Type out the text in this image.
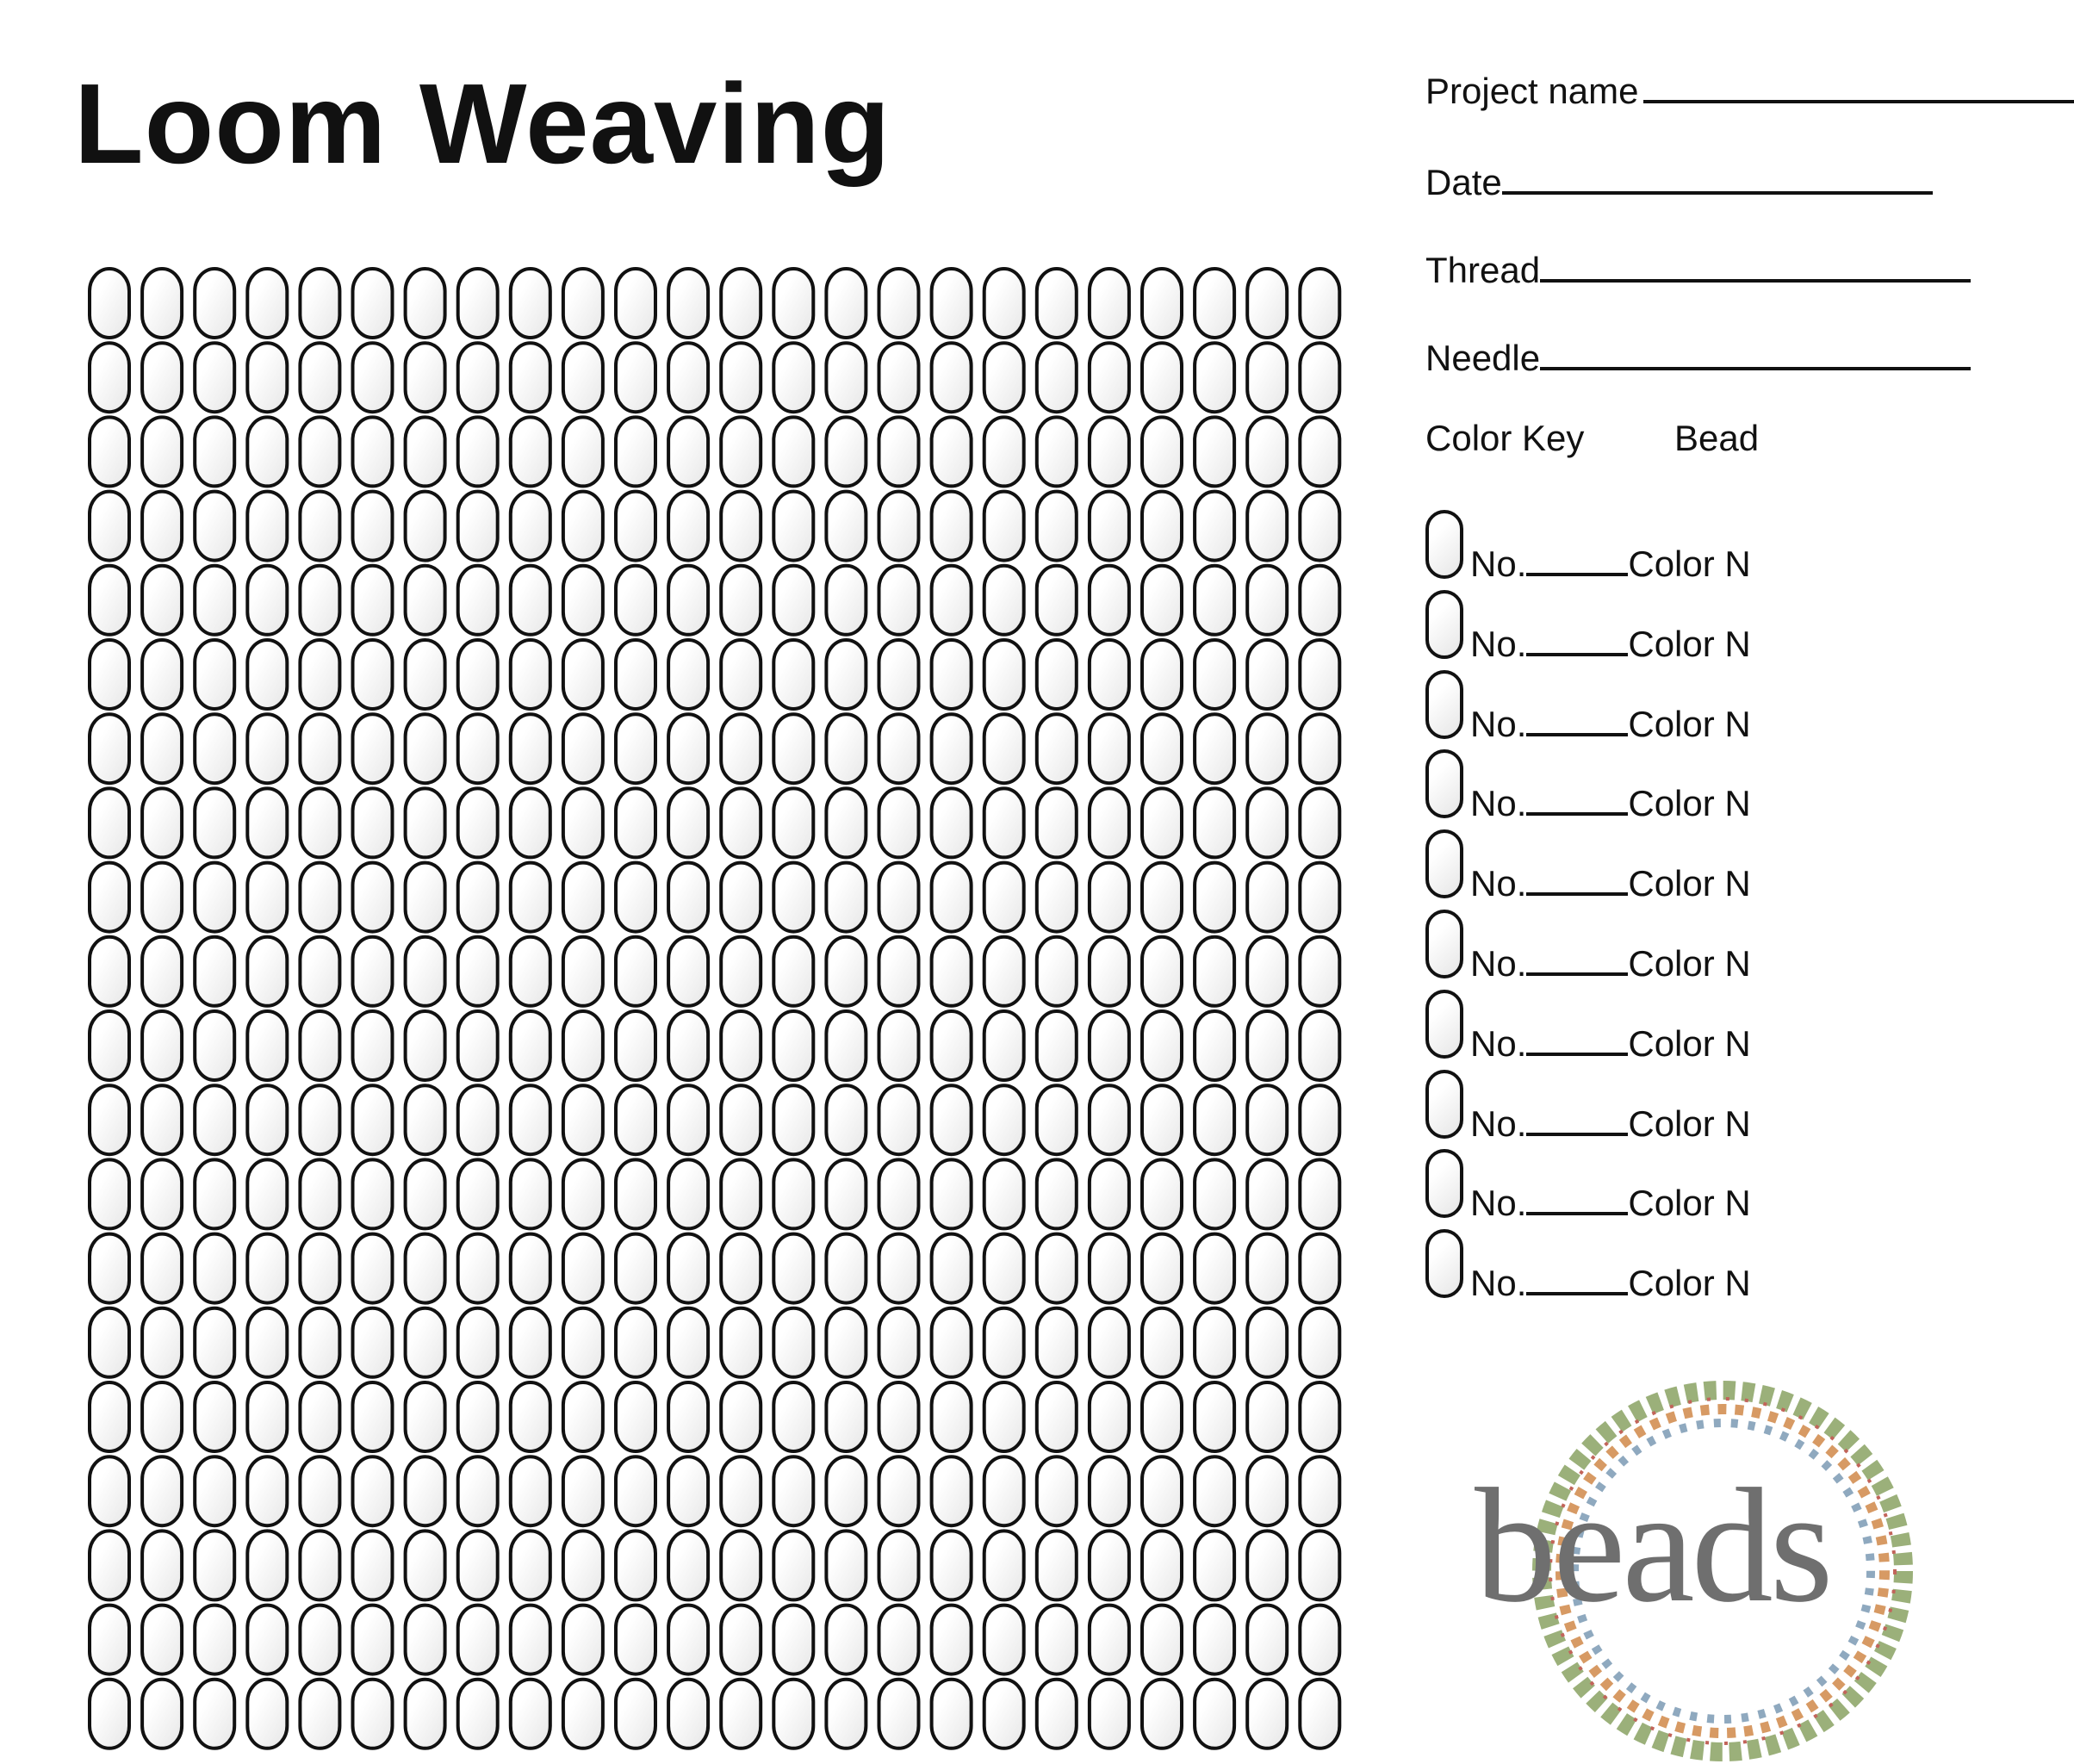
Loom Weaving	Project name
Date
Thread
Needle
Color Key Bead
No.	Color N
No.	Color N
No.	Color N
No.	Color N
No.	Color N
No.	Color N
No.	Color N
No.	Color N
No.	Color N
No.	Color N
beads
